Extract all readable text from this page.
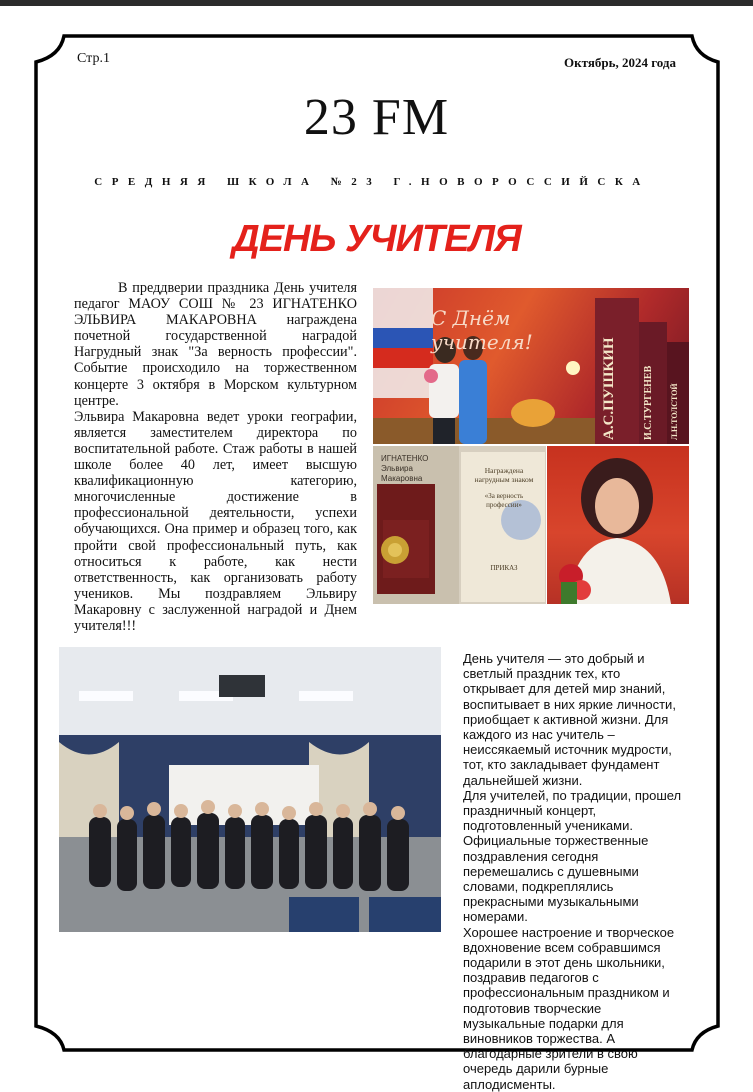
Стр.1	Октябрь, 2024 года
23 FM
СРЕДНЯЯ ШКОЛА №23 Г.НОВОРОССИЙСКА
ДЕНЬ УЧИТЕЛЯ

В преддверии праздника День учителя педагог МАОУ СОШ № 23 ИГНАТЕНКО ЭЛЬВИРА МАКАРОВНА награждена почетной государственной наградой Нагрудный знак "За верность профессии". Событие происходило на торжественном концерте 3 октября в Морском культурном центре.

Эльвира Макаровна ведет уроки географии, является заместителем директора по воспитательной работе. Стаж работы в нашей школе более 40 лет, имеет высшую квалификационную категорию, многочисленные достижение в профессиональной деятельности, успехи обучающихся. Она пример и образец того, как пройти свой профессиональный путь, как относиться к работе, как нести ответственность, как организовать работу учеников. Мы поздравляем Эльвиру Макаровну с заслуженной наградой и Днем учителя!!!

С Днём учителя!	А.С.ПУШКИН	И.С.ТУРГЕНЕВ	Л.Н.ТОЛСТОЙ
ИГНАТЕНКО Эльвира Макаровна
Награждена нагрудным знаком
«За верность профессии»
ПРИКАЗ

День учителя — это добрый и светлый праздник тех, кто открывает для детей мир знаний, воспитывает в них яркие личности, приобщает к активной жизни. Для каждого из нас учитель – неиссякаемый источник мудрости, тот, кто закладывает фундамент дальнейшей жизни.

Для учителей, по традиции, прошел праздничный концерт, подготовленный учениками. Официальные торжественные поздравления сегодня перемешались с душевными словами, подкреплялись прекрасными музыкальными номерами.

Хорошее настроение и творческое вдохновение всем собравшимся подарили в этот день школьники, поздравив педагогов с профессиональным праздником и подготовив творческие музыкальные подарки для виновников торжества. А благодарные зрители в свою очередь дарили бурные аплодисменты.
